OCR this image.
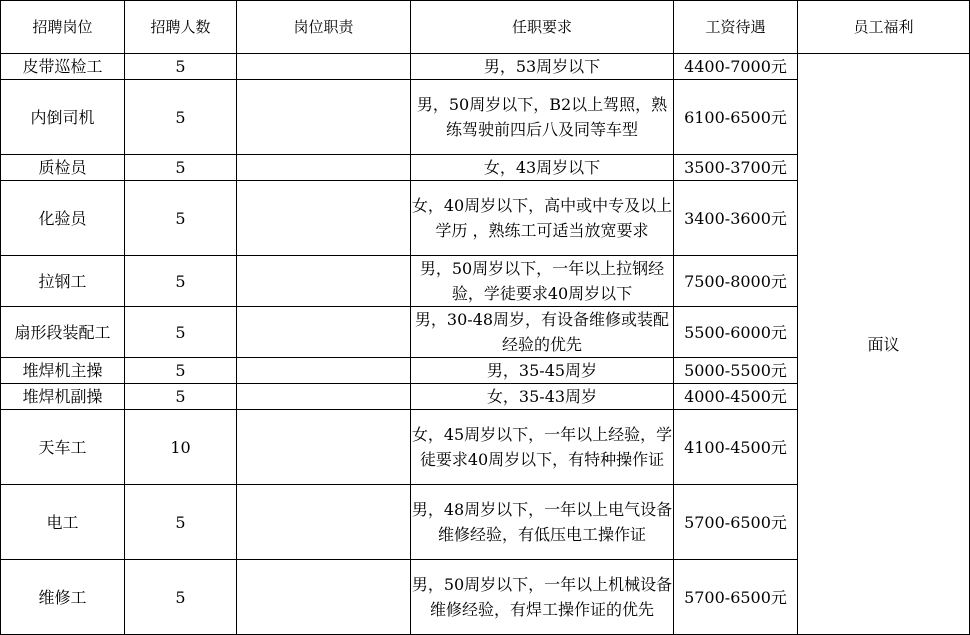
招聘岗位	招聘人数	岗位职责	任职要求	工资待遇	员工福利
皮带巡检工	5		男，53周岁以下	4400-7000元	面议
内倒司机	5		男，50周岁以下，B2以上驾照，熟练驾驶前四后八及同等车型	6100-6500元	
质检员	5		女，43周岁以下	3500-3700元	
化验员	5		女，40周岁以下，高中或中专及以上学历 ，熟练工可适当放宽要求	3400-3600元	
拉钢工	5		男，50周岁以下，一年以上拉钢经验，学徒要求40周岁以下	7500-8000元	
扇形段装配工	5		男，30-48周岁，有设备维修或装配经验的优先	5500-6000元	
堆焊机主操	5		男，35-45周岁	5000-5500元	
堆焊机副操	5		女，35-43周岁	4000-4500元	
天车工	10		女，45周岁以下，一年以上经验，学徒要求40周岁以下，有特种操作证	4100-4500元	
电工	5		男，48周岁以下，一年以上电气设备维修经验，有低压电工操作证	5700-6500元	
维修工	5		男，50周岁以下，一年以上机械设备维修经验，有焊工操作证的优先	5700-6500元	
